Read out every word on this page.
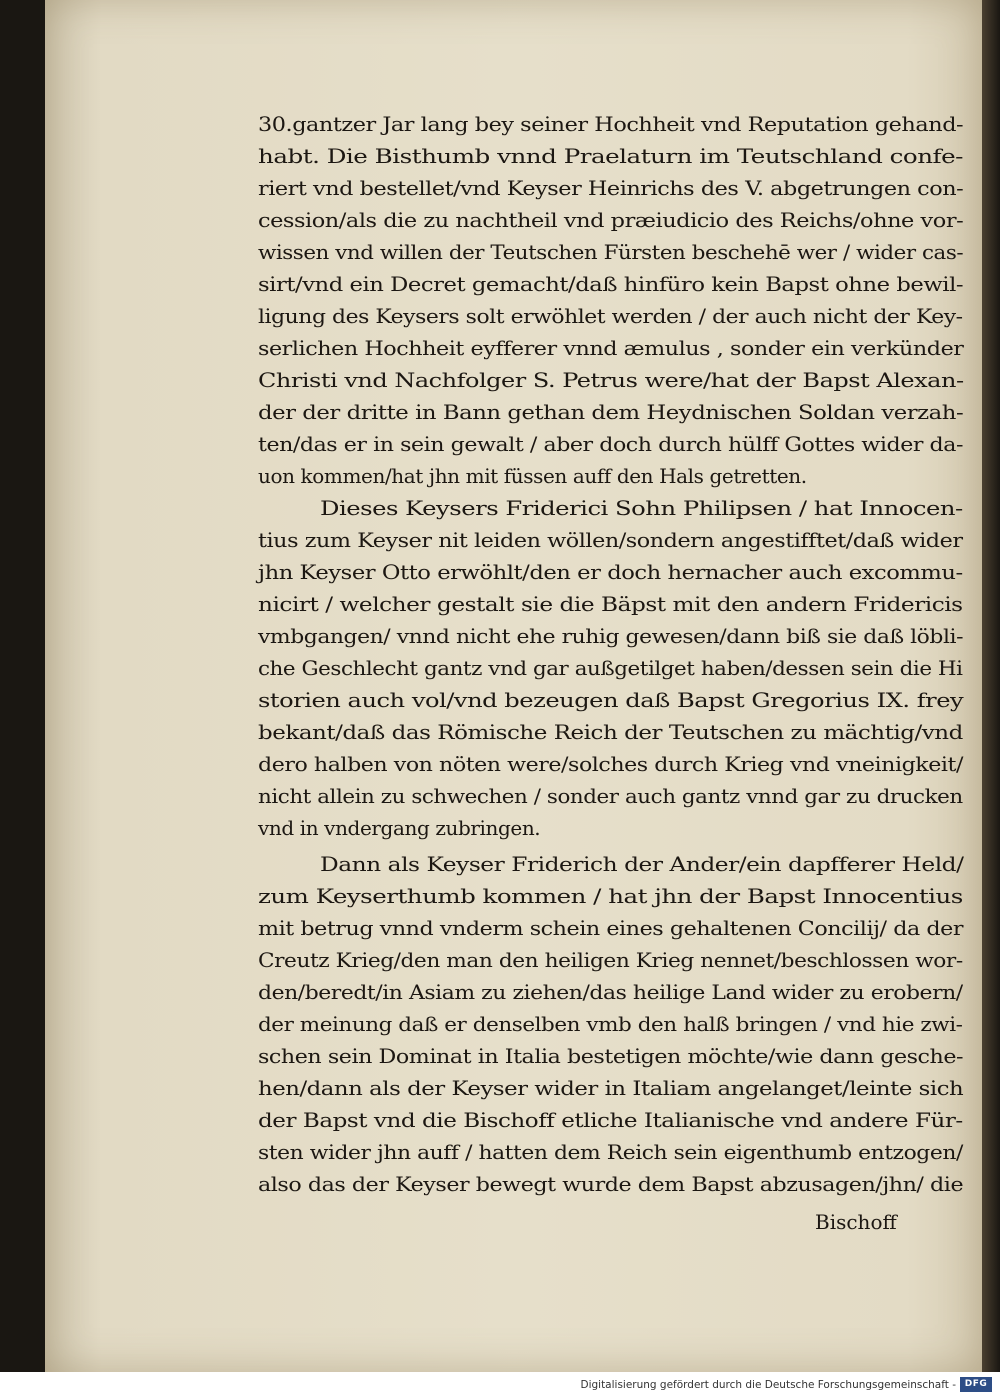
30.gantzer Jar lang bey seiner Hochheit vnd Reputation gehand-
habt. Die Bisthumb vnnd Praelaturn im Teutschland confe-
riert vnd bestellet/vnd Keyser Heinrichs des V. abgetrungen con-
cession/als die zu nachtheil vnd præiudicio des Reichs/ohne vor-
wissen vnd willen der Teutschen Fürsten beschehē wer / wider cas-
sirt/vnd ein Decret gemacht/daß hinfüro kein Bapst ohne bewil-
ligung des Keysers solt erwöhlet werden / der auch nicht der Key-
serlichen Hochheit eyfferer vnnd æmulus , sonder ein verkünder
Christi vnd Nachfolger S. Petrus were/hat der Bapst Alexan-
der der dritte in Bann gethan dem Heydnischen Soldan verzah-
ten/das er in sein gewalt / aber doch durch hülff Gottes wider da-
uon kommen/hat jhn mit füssen auff den Hals getretten.
Dieses Keysers Friderici Sohn Philipsen / hat Innocen-
tius zum Keyser nit leiden wöllen/sondern angestifftet/daß wider
jhn Keyser Otto erwöhlt/den er doch hernacher auch excommu-
nicirt / welcher gestalt sie die Bäpst mit den andern Fridericis
vmbgangen/ vnnd nicht ehe ruhig gewesen/dann biß sie daß löbli-
che Geschlecht gantz vnd gar außgetilget haben/dessen sein die Hi
storien auch vol/vnd bezeugen daß Bapst Gregorius IX. frey
bekant/daß das Römische Reich der Teutschen zu mächtig/vnd
dero halben von nöten were/solches durch Krieg vnd vneinigkeit/
nicht allein zu schwechen / sonder auch gantz vnnd gar zu drucken
vnd in vndergang zubringen.
Dann als Keyser Friderich der Ander/ein dapfferer Held/
zum Keyserthumb kommen / hat jhn der Bapst Innocentius
mit betrug vnnd vnderm schein eines gehaltenen Concilij/ da der
Creutz Krieg/den man den heiligen Krieg nennet/beschlossen wor-
den/beredt/in Asiam zu ziehen/das heilige Land wider zu erobern/
der meinung daß er denselben vmb den halß bringen / vnd hie zwi-
schen sein Dominat in Italia bestetigen möchte/wie dann gesche-
hen/dann als der Keyser wider in Italiam angelanget/leinte sich
der Bapst vnd die Bischoff etliche Italianische vnd andere Für-
sten wider jhn auff / hatten dem Reich sein eigenthumb entzogen/
also das der Keyser bewegt wurde dem Bapst abzusagen/jhn/ die
Bischoff
Digitalisierung gefördert durch die Deutsche Forschungsgemeinschaft - DFG
